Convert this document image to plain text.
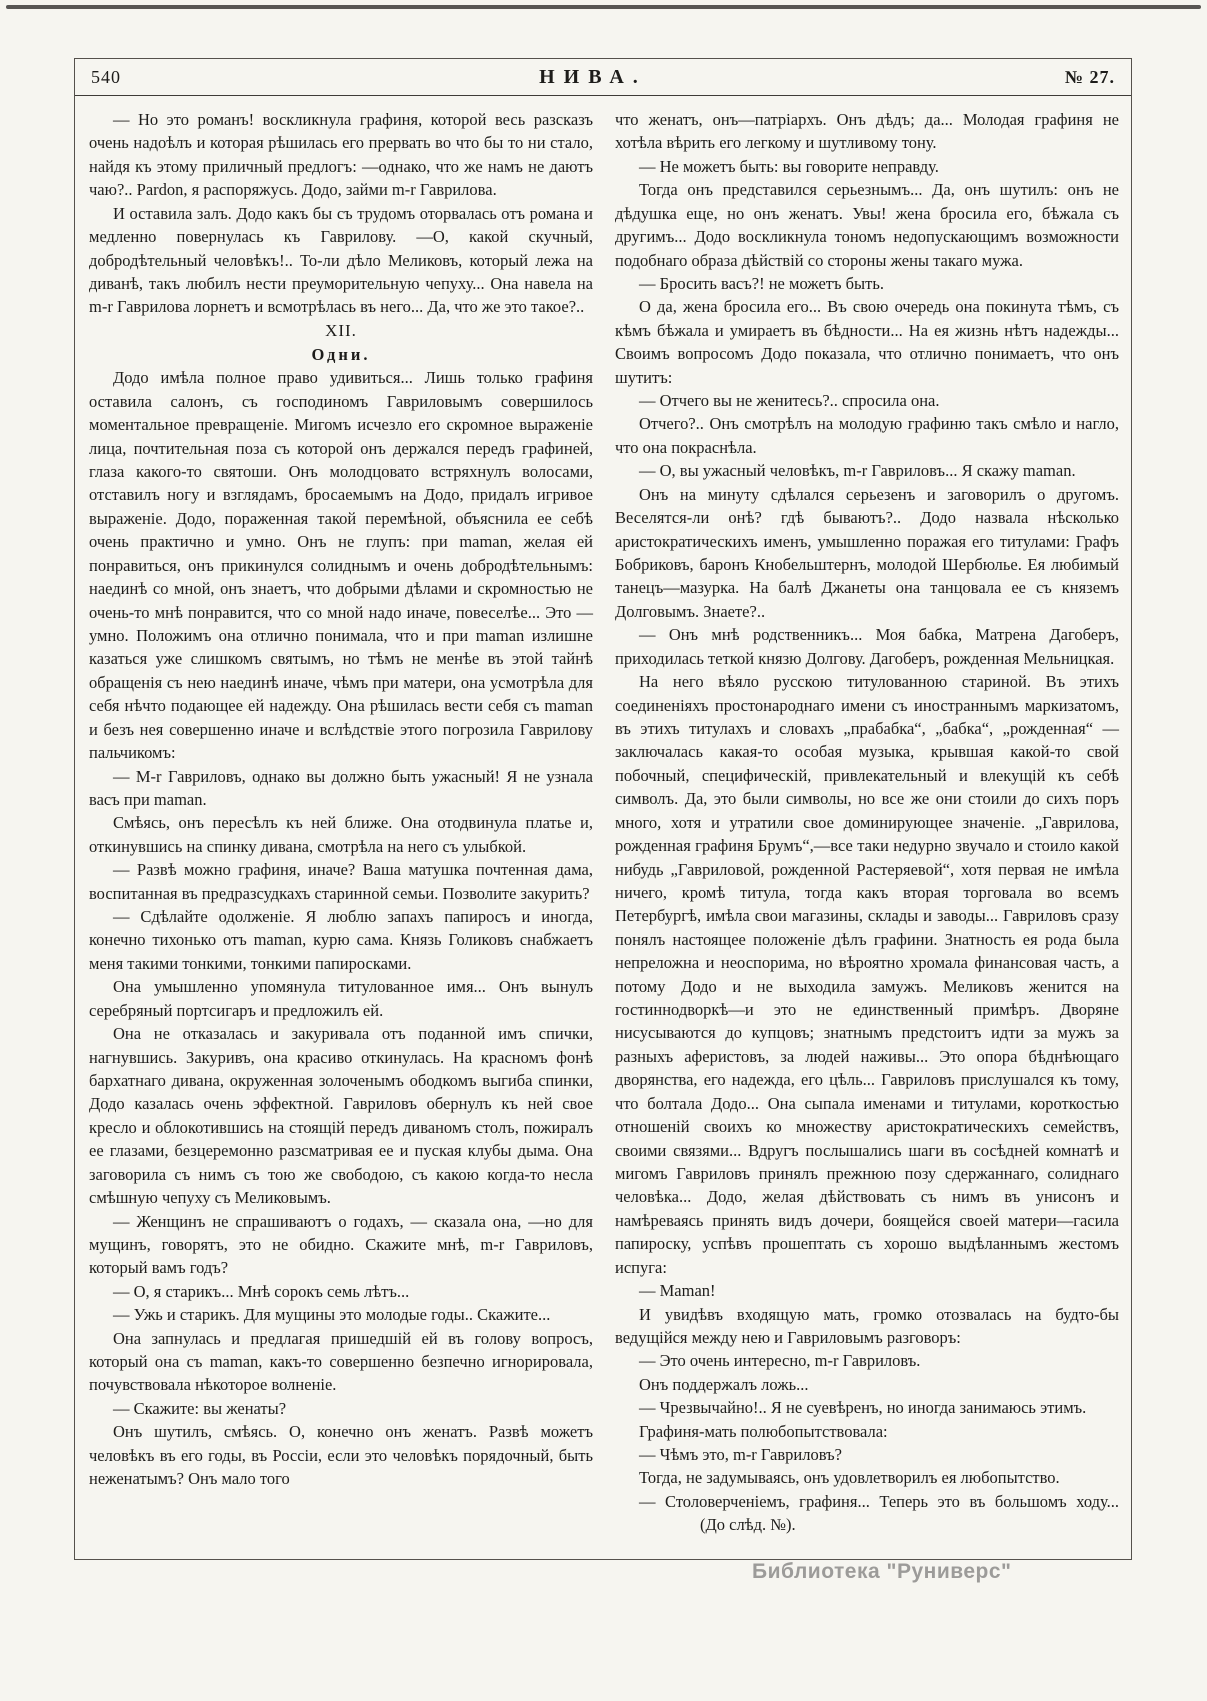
540	НИВА.	№ 27.

— Но это романъ! воскликнула графиня, которой весь разсказъ очень надоѣлъ и которая рѣшилась его прервать во что бы то ни стало, найдя къ этому приличный предлогъ: —однако, что же намъ не даютъ чаю?.. Pardon, я распоряжусь. Додо, займи m-r Гаврилова.

И оставила залъ. Додо какъ бы съ трудомъ оторвалась отъ романа и медленно повернулась къ Гаврилову. —О, какой скучный, добродѣтельный человѣкъ!.. То-ли дѣло Меликовъ, который лежа на диванѣ, такъ любилъ нести преуморительную чепуху... Она навела на m-r Гаврилова лорнетъ и всмотрѣлась въ него... Да, что же это такое?..

XII.

Одни.

Додо имѣла полное право удивиться... Лишь только графиня оставила салонъ, съ господиномъ Гавриловымъ совершилось моментальное превращеніе. Мигомъ исчезло его скромное выраженіе лица, почтительная поза съ которой онъ держался передъ графиней, глаза какого-то святоши. Онъ молодцовато встряхнулъ волосами, отставилъ ногу и взглядамъ, бросаемымъ на Додо, придалъ игривое выраженіе. Додо, пораженная такой перемѣной, объяснила ее себѣ очень практично и умно. Онъ не глупъ: при maman, желая ей понравиться, онъ прикинулся солиднымъ и очень добродѣтельнымъ: наединѣ со мной, онъ знаетъ, что добрыми дѣлами и скромностью не очень-то мнѣ понравится, что со мной надо иначе, повеселѣе... Это — умно. Положимъ она отлично понимала, что и при maman излишне казаться уже слишкомъ святымъ, но тѣмъ не менѣе въ этой тайнѣ обращенія съ нею наединѣ иначе, чѣмъ при матери, она усмотрѣла для себя нѣчто подающее ей надежду. Она рѣшилась вести себя съ maman и безъ нея совершенно иначе и вслѣдствіе этого погрозила Гаврилову пальчикомъ:

— М-r Гавриловъ, однако вы должно быть ужасный! Я не узнала васъ при maman.

Смѣясь, онъ пересѣлъ къ ней ближе. Она отодвинула платье и, откинувшись на спинку дивана, смотрѣла на него съ улыбкой.

— Развѣ можно графиня, иначе? Ваша матушка почтенная дама, воспитанная въ предразсудкахъ старинной семьи. Позволите закурить?

— Сдѣлайте одолженіе. Я люблю запахъ папиросъ и иногда, конечно тихонько отъ maman, курю сама. Князь Голиковъ снабжаетъ меня такими тонкими, тонкими папиросками.

Она умышленно упомянула титулованное имя... Онъ вынулъ серебряный портсигаръ и предложилъ ей.

Она не отказалась и закуривала отъ поданной имъ спички, нагнувшись. Закуривъ, она красиво откинулась. На красномъ фонѣ бархатнаго дивана, окруженная золоченымъ ободкомъ выгиба спинки, Додо казалась очень эффектной. Гавриловъ обернулъ къ ней свое кресло и облокотившись на стоящій передъ диваномъ столъ, пожиралъ ее глазами, безцеремонно разсматривая ее и пуская клубы дыма. Она заговорила съ нимъ съ тою же свободою, съ какою когда-то несла смѣшную чепуху съ Меликовымъ.

— Женщинъ не спрашиваютъ о годахъ, — сказала она, —но для мущинъ, говорятъ, это не обидно. Скажите мнѣ, m-r Гавриловъ, который вамъ годъ?

— О, я старикъ... Мнѣ сорокъ семь лѣтъ...

— Ужь и старикъ. Для мущины это молодые годы.. Скажите...

Она запнулась и предлагая пришедшій ей въ голову вопросъ, который она съ maman, какъ-то совершенно безпечно игнорировала, почувствовала нѣкоторое волненіе.

— Скажите: вы женаты?

Онъ шутилъ, смѣясь. О, конечно онъ женатъ. Развѣ можетъ человѣкъ въ его годы, въ Россіи, если это человѣкъ порядочный, быть неженатымъ? Онъ мало того

что женатъ, онъ—патріархъ. Онъ дѣдъ; да... Молодая графиня не хотѣла вѣрить его легкому и шутливому тону.

— Не можетъ быть: вы говорите неправду.

Тогда онъ представился серьезнымъ... Да, онъ шутилъ: онъ не дѣдушка еще, но онъ женатъ. Увы! жена бросила его, бѣжала съ другимъ... Додо воскликнула тономъ недопускающимъ возможности подобнаго образа дѣйствій со стороны жены такаго мужа.

— Бросить васъ?! не можетъ быть.

О да, жена бросила его... Въ свою очередь она покинута тѣмъ, съ кѣмъ бѣжала и умираетъ въ бѣдности... На ея жизнь нѣтъ надежды... Своимъ вопросомъ Додо показала, что отлично понимаетъ, что онъ шутитъ:

— Отчего вы не женитесь?.. спросила она.

Отчего?.. Онъ смотрѣлъ на молодую графиню такъ смѣло и нагло, что она покраснѣла.

— О, вы ужасный человѣкъ, m-r Гавриловъ... Я скажу maman.

Онъ на минуту сдѣлался серьезенъ и заговорилъ о другомъ. Веселятся-ли онѣ? гдѣ бываютъ?.. Додо назвала нѣсколько аристократическихъ именъ, умышленно поражая его титулами: Графъ Бобриковъ, баронъ Кнобельштернъ, молодой Шербюлье. Ея любимый танецъ—мазурка. На балѣ Джанеты она танцовала ее съ княземъ Долговымъ. Знаете?..

— Онъ мнѣ родственникъ... Моя бабка, Матрена Дагоберъ, приходилась теткой князю Долгову. Дагоберъ, рожденная Мельницкая.

На него вѣяло русскою титулованною стариной. Въ этихъ соединеніяхъ простонароднаго имени съ иностраннымъ маркизатомъ, въ этихъ титулахъ и словахъ „прабабка“, „бабка“, „рожденная“ — заключалась какая-то особая музыка, крывшая какой-то свой побочный, специфическій, привлекательный и влекущій къ себѣ символъ. Да, это были символы, но все же они стоили до сихъ поръ много, хотя и утратили свое доминирующее значеніе. „Гаврилова, рожденная графиня Брумъ“,—все таки недурно звучало и стоило какой нибудь „Гавриловой, рожденной Растеряевой“, хотя первая не имѣла ничего, кромѣ титула, тогда какъ вторая торговала во всемъ Петербургѣ, имѣла свои магазины, склады и заводы... Гавриловъ сразу понялъ настоящее положеніе дѣлъ графини. Знатность ея рода была непреложна и неоспорима, но вѣроятно хромала финансовая часть, а потому Додо и не выходила замужъ. Меликовъ женится на гостиннодворкѣ—и это не единственный примѣръ. Дворяне нисусываются до купцовъ; знатнымъ предстоитъ идти за мужъ за разныхъ аферистовъ, за людей наживы... Это опора бѣднѣющаго дворянства, его надежда, его цѣль... Гавриловъ прислушался къ тому, что болтала Додо... Она сыпала именами и титулами, короткостью отношеній своихъ ко множеству аристократическихъ семействъ, своими связями... Вдругъ послышались шаги въ сосѣдней комнатѣ и мигомъ Гавриловъ принялъ прежнюю позу сдержаннаго, солиднаго человѣка... Додо, желая дѣйствовать съ нимъ въ унисонъ и намѣреваясь принять видъ дочери, боящейся своей матери—гасила папироску, успѣвъ прошептать съ хорошо выдѣланнымъ жестомъ испуга:

— Maman!

И увидѣвъ входящую мать, громко отозвалась на будто-бы ведущійся между нею и Гавриловымъ разговоръ:

— Это очень интересно, m-r Гавриловъ.

Онъ поддержалъ ложь...

— Чрезвычайно!.. Я не суевѣренъ, но иногда занимаюсь этимъ.

Графиня-мать полюбопытствовала:

— Чѣмъ это, m-r Гавриловъ?

Тогда, не задумываясь, онъ удовлетворилъ ея любопытство.

— Столоверченіемъ, графиня... Теперь это въ большомъ ходу...(До слѣд. №).

Библиотека "Руниверс"
